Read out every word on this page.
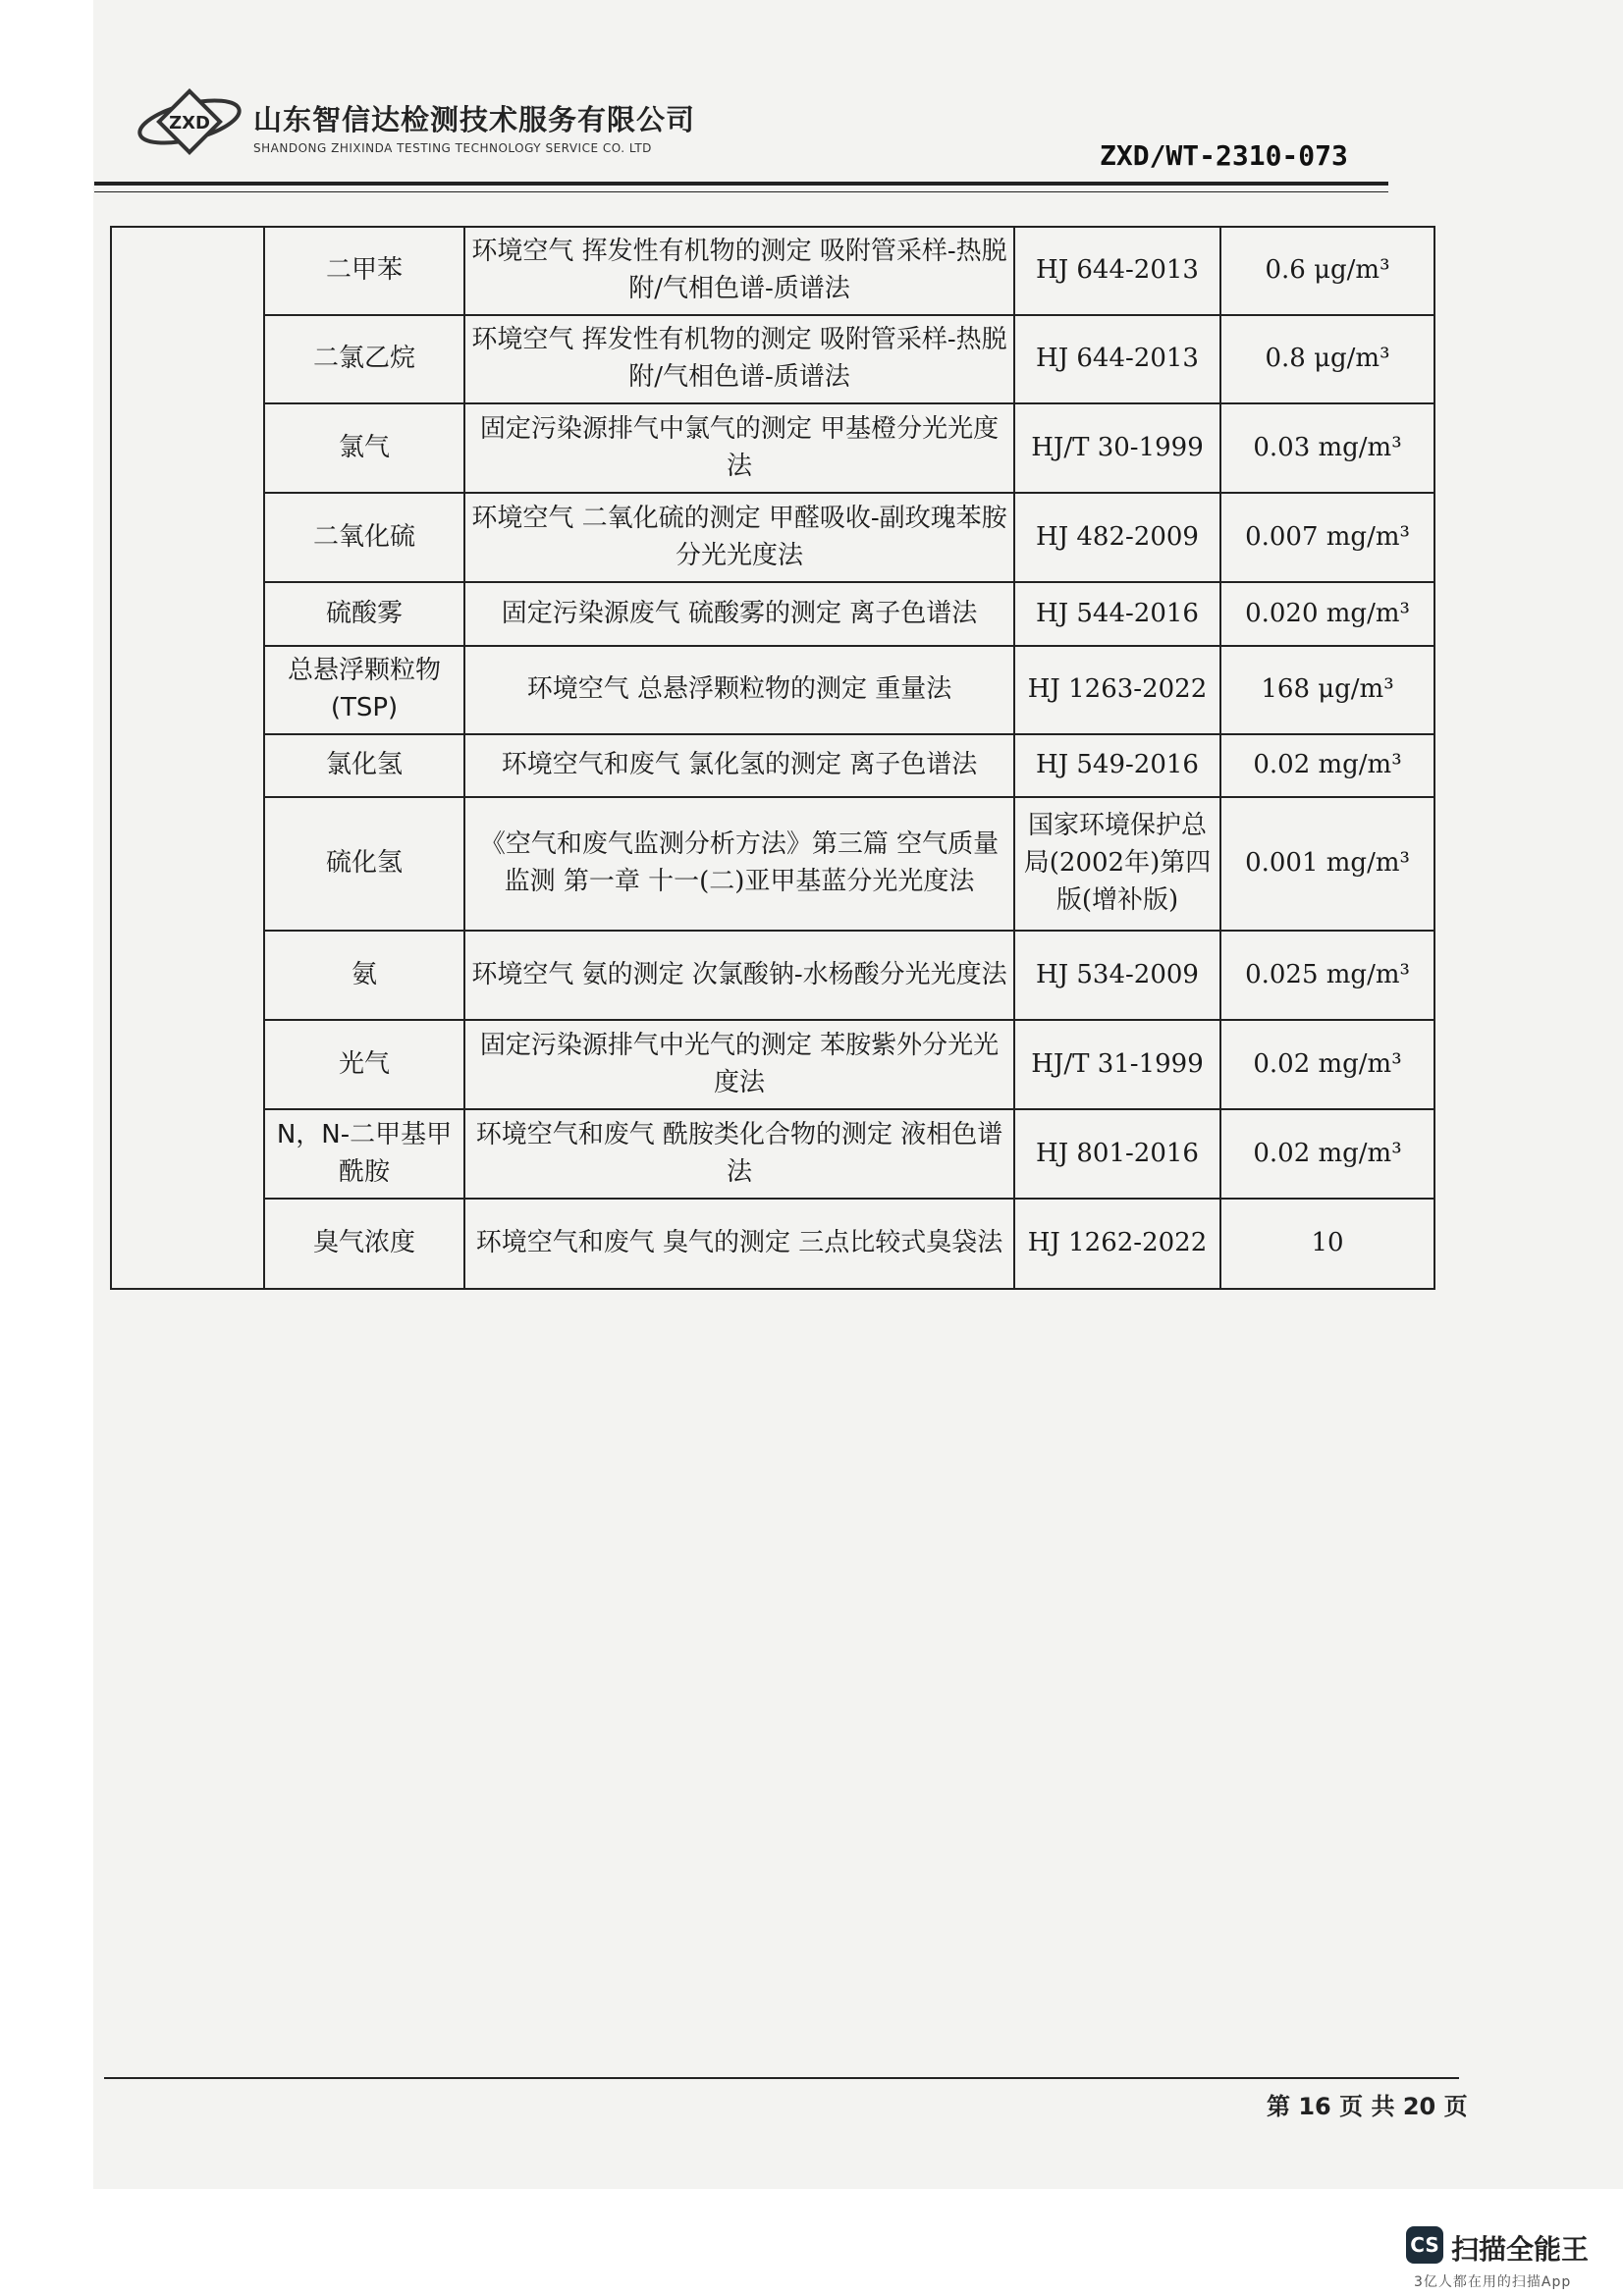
ZXD 山东智信达检测技术服务有限公司
SHANDONG ZHIXINDA TESTING TECHNOLOGY SERVICE CO. LTD	ZXD/WT-2310-073
	二甲苯	环境空气 挥发性有机物的测定 吸附管采样-热脱附/气相色谱-质谱法	HJ 644-2013	0.6 μg/m³
	二氯乙烷	环境空气 挥发性有机物的测定 吸附管采样-热脱附/气相色谱-质谱法	HJ 644-2013	0.8 μg/m³
	氯气	固定污染源排气中氯气的测定 甲基橙分光光度法	HJ/T 30-1999	0.03 mg/m³
	二氧化硫	环境空气 二氧化硫的测定 甲醛吸收-副玫瑰苯胺分光光度法	HJ 482-2009	0.007 mg/m³
	硫酸雾	固定污染源废气 硫酸雾的测定 离子色谱法	HJ 544-2016	0.020 mg/m³
	总悬浮颗粒物(TSP)	环境空气 总悬浮颗粒物的测定 重量法	HJ 1263-2022	168 μg/m³
	氯化氢	环境空气和废气 氯化氢的测定 离子色谱法	HJ 549-2016	0.02 mg/m³
	硫化氢	《空气和废气监测分析方法》第三篇 空气质量监测 第一章 十一(二)亚甲基蓝分光光度法	国家环境保护总局(2002年)第四版(增补版)	0.001 mg/m³
	氨	环境空气 氨的测定 次氯酸钠-水杨酸分光光度法	HJ 534-2009	0.025 mg/m³
	光气	固定污染源排气中光气的测定 苯胺紫外分光光度法	HJ/T 31-1999	0.02 mg/m³
	N，N-二甲基甲酰胺	环境空气和废气 酰胺类化合物的测定 液相色谱法	HJ 801-2016	0.02 mg/m³
	臭气浓度	环境空气和废气 臭气的测定 三点比较式臭袋法	HJ 1262-2022	10
第 16 页 共 20 页
CS 扫描全能王
3亿人都在用的扫描App
